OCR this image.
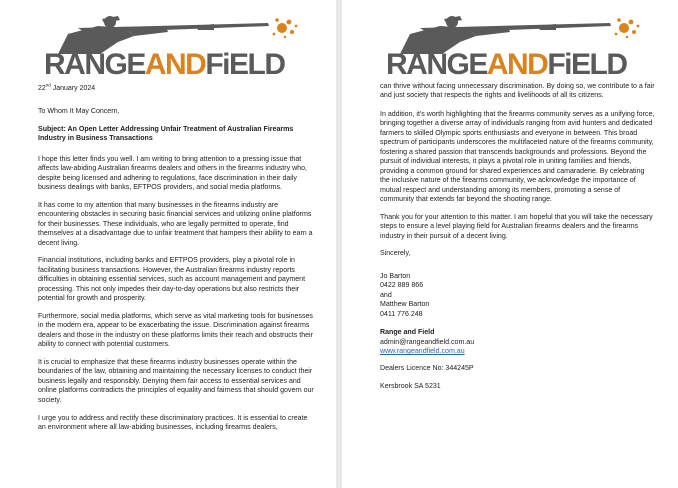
RANGEANDFiELD
22nd January 2024

To Whom It May Concern,

Subject: An Open Letter Addressing Unfair Treatment of Australian Firearms Industry in Business Transactions

I hope this letter finds you well. I am writing to bring attention to a pressing issue that affects law-abiding Australian firearms dealers and others in the firearms industry who, despite being licensed and adhering to regulations, face discrimination in their daily business dealings with banks, EFTPOS providers, and social media platforms.

It has come to my attention that many businesses in the firearms industry are encountering obstacles in securing basic financial services and utilizing online platforms for their businesses. These individuals, who are legally permitted to operate, find themselves at a disadvantage due to unfair treatment that hampers their ability to earn a decent living.

Financial institutions, including banks and EFTPOS providers, play a pivotal role in facilitating business transactions. However, the Australian firearms industry reports difficulties in obtaining essential services, such as account management and payment processing. This not only impedes their day-to-day operations but also restricts their potential for growth and prosperity.

Furthermore, social media platforms, which serve as vital marketing tools for businesses in the modern era, appear to be exacerbating the issue. Discrimination against firearms dealers and those in the industry on these platforms limits their reach and obstructs their ability to connect with potential customers.

It is crucial to emphasize that these firearms industry businesses operate within the boundaries of the law, obtaining and maintaining the necessary licenses to conduct their business legally and responsibly. Denying them fair access to essential services and online platforms contradicts the principles of equality and fairness that should govern our society.

I urge you to address and rectify these discriminatory practices. It is essential to create an environment where all law-abiding businesses, including firearms dealers,

RANGEANDFiELD

can thrive without facing unnecessary discrimination. By doing so, we contribute to a fair and just society that respects the rights and livelihoods of all its citizens.

In addition, it's worth highlighting that the firearms community serves as a unifying force, bringing together a diverse array of individuals ranging from avid hunters and dedicated farmers to skilled Olympic sports enthusiasts and everyone in between. This broad spectrum of participants underscores the multifaceted nature of the firearms community, fostering a shared passion that transcends backgrounds and professions. Beyond the pursuit of individual interests, it plays a pivotal role in uniting families and friends, providing a common ground for shared experiences and camaraderie. By celebrating the inclusive nature of the firearms community, we acknowledge the importance of mutual respect and understanding among its members, promoting a sense of community that extends far beyond the shooting range.

Thank you for your attention to this matter. I am hopeful that you will take the necessary steps to ensure a level playing field for Australian firearms dealers and the firearms industry in their pursuit of a decent living.

Sincerely,

Jo Barton

0422 889 866

and

Matthew Barton

0411 776 248

Range and Field

admin@rangeandfield.com.au

www.rangeandfield.com.au

Dealers Licence No: 344245P

Kersbrook SA 5231
